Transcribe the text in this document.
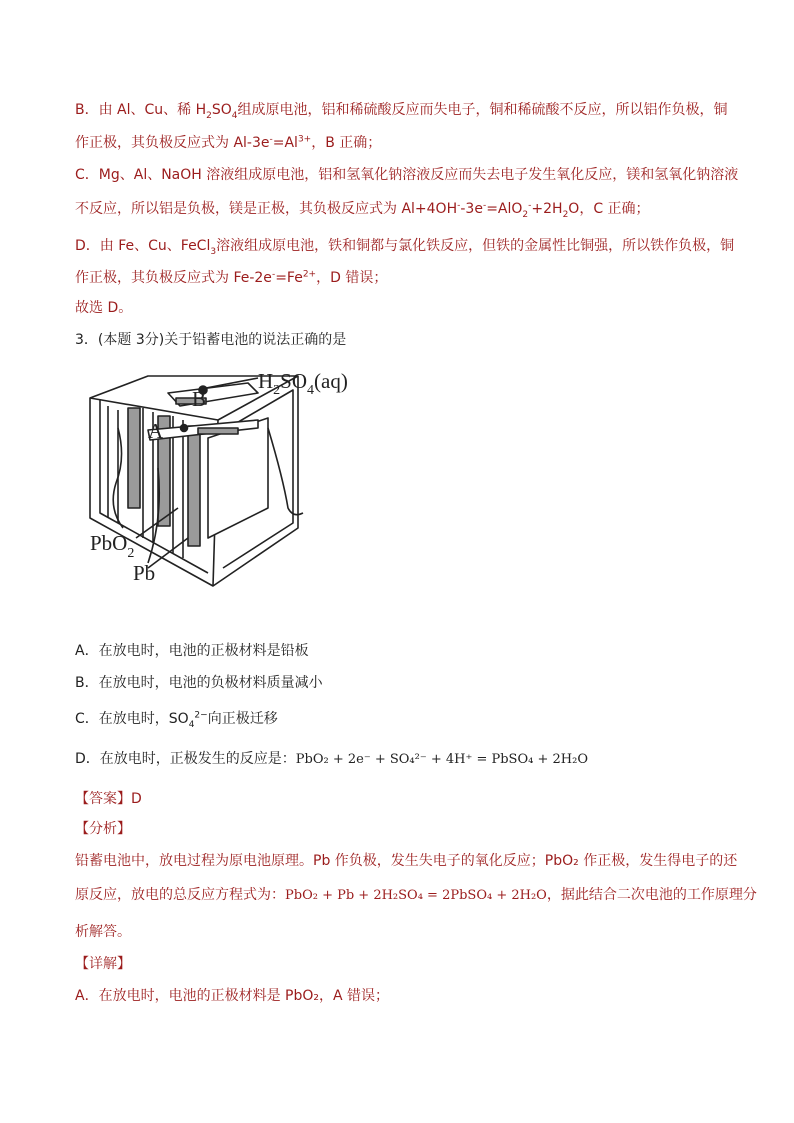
B．由 Al、Cu、稀 $H_2SO_4$组成原电池，铝和稀硫酸反应而失电子，铜和稀硫酸不反应，所以铝作负极，铜
作正极，其负极反应式为 $Al-3e^-=Al^{3+}$，B 正确；
C．Mg、Al、NaOH 溶液组成原电池，铝和氢氧化钠溶液反应而失去电子发生氧化反应，镁和氢氧化钠溶液
不反应，所以铝是负极，镁是正极，其负极反应式为 $Al+4OH^--3e^-=AlO_2^-+2H_2O$，C 正确；
D．由 Fe、Cu、FeCl$_3$溶液组成原电池，铁和铜都与氯化铁反应，但铁的金属性比铜强，所以铁作负极，铜
作正极，其负极反应式为 $Fe-2e^-=Fe^{2+}$，D 错误；
故选 D。
3．(本题 3分)关于铅蓄电池的说法正确的是
$H_2SO_4(aq)$
B
A
PbO$_2$
Pb
A．在放电时，电池的正极材料是铅板
B．在放电时，电池的负极材料质量减小
C．在放电时，$SO_4^{2-}$向正极迁移
D．在放电时，正极发生的反应是：PbO₂ + 2e⁻ + SO₄²⁻ + 4H⁺ = PbSO₄ + 2H₂O
【答案】D
【分析】
铅蓄电池中，放电过程为原电池原理。Pb 作负极，发生失电子的氧化反应；PbO₂ 作正极，发生得电子的还
原反应，放电的总反应方程式为：PbO₂ + Pb + 2H₂SO₄ = 2PbSO₄ + 2H₂O，据此结合二次电池的工作原理分
析解答。
【详解】
A．在放电时，电池的正极材料是 PbO₂，A 错误；
